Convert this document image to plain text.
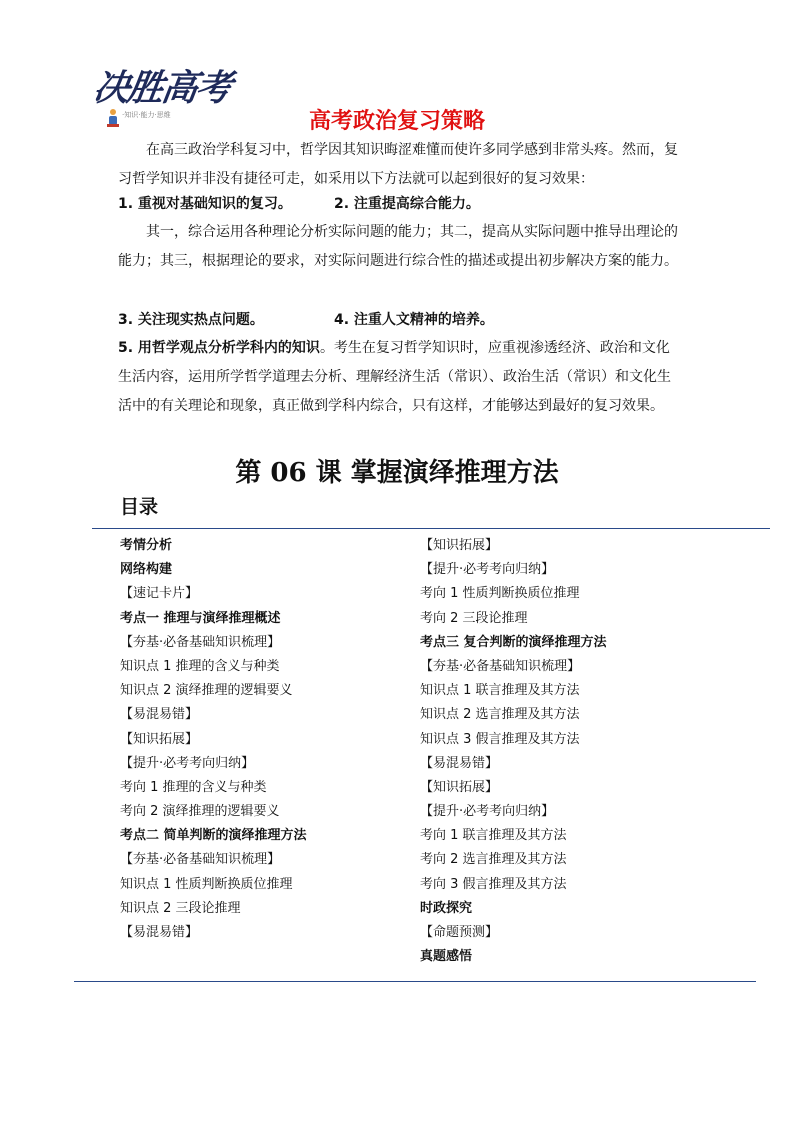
决胜高考
·知识·能力·思维	高考政治复习策略

在高三政治学科复习中，哲学因其知识晦涩难懂而使许多同学感到非常头疼。然而，复习哲学知识并非没有捷径可走，如采用以下方法就可以起到很好的复习效果：

1. 重视对基础知识的复习。	2. 注重提高综合能力。

其一，综合运用各种理论分析实际问题的能力；其二，提高从实际问题中推导出理论的能力；其三，根据理论的要求，对实际问题进行综合性的描述或提出初步解决方案的能力。

3. 关注现实热点问题。	4. 注重人文精神的培养。

5. 用哲学观点分析学科内的知识。考生在复习哲学知识时，应重视渗透经济、政治和文化生活内容，运用所学哲学道理去分析、理解经济生活（常识）、政治生活（常识）和文化生活中的有关理论和现象，真正做到学科内综合，只有这样，才能够达到最好的复习效果。

第 06 课 掌握演绎推理方法
目录
考情分析
网络构建
【速记卡片】
考点一 推理与演绎推理概述
【夯基·必备基础知识梳理】
知识点 1 推理的含义与种类
知识点 2 演绎推理的逻辑要义
【易混易错】
【知识拓展】
【提升·必考考向归纳】
考向 1 推理的含义与种类
考向 2 演绎推理的逻辑要义
考点二 简单判断的演绎推理方法
【夯基·必备基础知识梳理】
知识点 1 性质判断换质位推理
知识点 2 三段论推理
【易混易错】
【知识拓展】
【提升·必考考向归纳】
考向 1 性质判断换质位推理
考向 2 三段论推理
考点三 复合判断的演绎推理方法
【夯基·必备基础知识梳理】
知识点 1 联言推理及其方法
知识点 2 选言推理及其方法
知识点 3 假言推理及其方法
【易混易错】
【知识拓展】
【提升·必考考向归纳】
考向 1 联言推理及其方法
考向 2 选言推理及其方法
考向 3 假言推理及其方法
时政探究
【命题预测】
真题感悟
